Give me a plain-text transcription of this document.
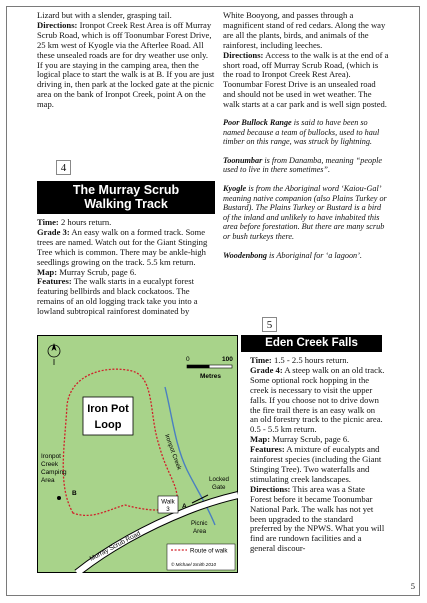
Lizard but with a slender, grasping tail.

Directions: Ironpot Creek Rest Area is off Murray Scrub Road, which is off Toonumbar Forest Drive, 25 km west of Kyogle via the Afterlee Road. All these unsealed roads are for dry weather use only.

If you are staying in the camping area, then the logical place to start the walk is at B. If you are just driving in, then park at the locked gate at the picnic area on the bank of Ironpot Creek, point A on the map.

4
The Murray Scrub
Walking Track

Time: 2 hours return.

Grade 3: An easy walk on a formed track. Some trees are named. Watch out for the Giant Stinging Tree which is common. There may be ankle-high seedlings growing on the track. 5.5 km return.

Map: Murray Scrub, page 6.

Features: The walk starts in a eucalypt forest featuring bellbirds and black cockatoos. The remains of an old logging track take you into a lowland subtropical rainforest dominated by

White Booyong, and passes through a magnificent stand of red cedars. Along the way are all the plants, birds, and animals of the rainforest, including leeches.

Directions: Access to the walk is at the end of a short road, off Murray Scrub Road, (which is the road to Ironpot Creek Rest Area). Toonumbar Forest Drive is an unsealed road and should not be used in wet weather. The walk starts at a car park and is well sign posted.

Poor Bullock Range is said to have been so named because a team of bullocks, used to haul timber on this range, was struck by lightning.

Toonumbar is from Danamba, meaning “people used to live in there sometimes”.

Kyogle is from the Aboriginal word ‘Kaiou-Gal’ meaning native companion (also Plains Turkey or Bustard). The Plains Turkey or Bustard is a bird of the inland and unlikely to have inhabited this area before forestation. But there are many scrub or bush turkeys there.

Woodenbong is Aboriginal for ‘a lagoon’.

5
Eden Creek Falls

Time: 1.5 - 2.5 hours return.

Grade 4: A steep walk on an old track. Some optional rock hopping in the creek is necessary to visit the upper falls. If you choose not to drive down the fire trail there is an easy walk on an old forestry track to the picnic area.

0.5 - 5.5 km return.

Map: Murray Scrub, page 6.

Features: A mixture of eucalypts and rainforest species (including the Giant Stinging Tree). Two waterfalls and stimulating creek landscapes.

Directions: This area was a State Forest before it became Toonumbar National Park. The walk has not yet been upgraded to the standard preferred by the NPWS. What you will find are rundown facilities and a general discour-

0	100
Metres
Iron Pot
Loop
Ironpot Creek
Ironpot Creek Camping Area
B
Walk
3 A
Locked Gate
Picnic Area
Murray Scrub Road	Route of walk
© Michael Smith 2010
5
